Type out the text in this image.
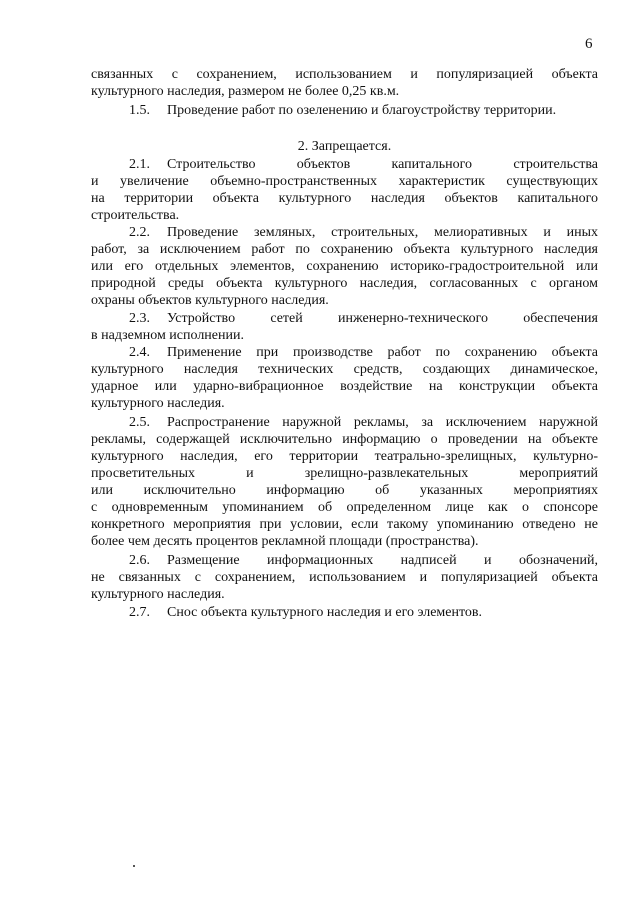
6
связанных с сохранением, использованием и популяризацией объекта
культурного наследия, размером не более 0,25 кв.м.
1.5. Проведение работ по озеленению и благоустройству территории.
2. Запрещается.
2.1. Строительство объектов капитального строительства
и увеличение объемно-пространственных характеристик существующих
на территории объекта культурного наследия объектов капитального
строительства.
2.2. Проведение земляных, строительных, мелиоративных и иных
работ, за исключением работ по сохранению объекта культурного наследия
или его отдельных элементов, сохранению историко-градостроительной или
природной среды объекта культурного наследия, согласованных с органом
охраны объектов культурного наследия.
2.3. Устройство сетей инженерно-технического обеспечения
в надземном исполнении.
2.4. Применение при производстве работ по сохранению объекта
культурного наследия технических средств, создающих динамическое,
ударное или ударно-вибрационное воздействие на конструкции объекта
культурного наследия.
2.5. Распространение наружной рекламы, за исключением наружной
рекламы, содержащей исключительно информацию о проведении на объекте
культурного наследия, его территории театрально-зрелищных, культурно-
просветительных и зрелищно-развлекательных мероприятий
или исключительно информацию об указанных мероприятиях
с одновременным упоминанием об определенном лице как о спонсоре
конкретного мероприятия при условии, если такому упоминанию отведено не
более чем десять процентов рекламной площади (пространства).
2.6. Размещение информационных надписей и обозначений,
не связанных с сохранением, использованием и популяризацией объекта
культурного наследия.
2.7. Снос объекта культурного наследия и его элементов.
